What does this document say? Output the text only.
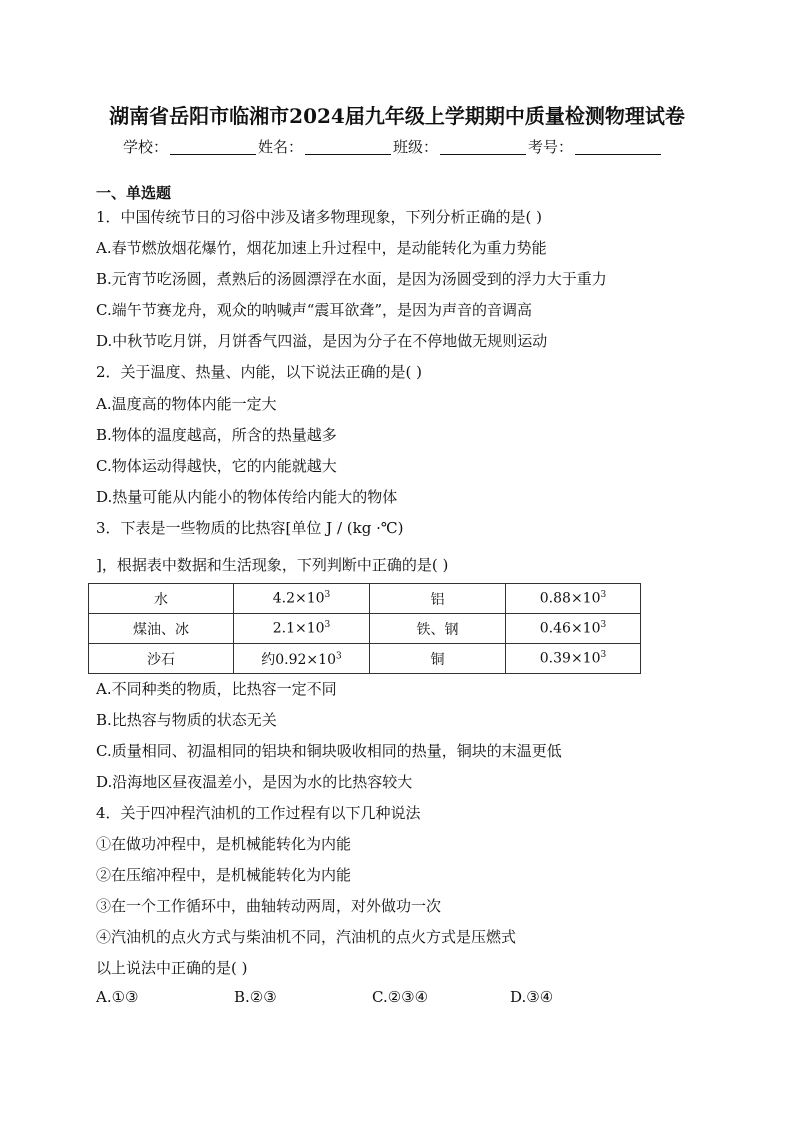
湖南省岳阳市临湘市2024届九年级上学期期中质量检测物理试卷
学校：	姓名：	班级：	考号：
一、单选题
1．中国传统节日的习俗中涉及诸多物理现象，下列分析正确的是( )
A.春节燃放烟花爆竹，烟花加速上升过程中，是动能转化为重力势能
B.元宵节吃汤圆，煮熟后的汤圆漂浮在水面，是因为汤圆受到的浮力大于重力
C.端午节赛龙舟，观众的呐喊声“震耳欲聋”，是因为声音的音调高
D.中秋节吃月饼，月饼香气四溢，是因为分子在不停地做无规则运动
2．关于温度、热量、内能，以下说法正确的是( )
A.温度高的物体内能一定大
B.物体的温度越高，所含的热量越多
C.物体运动得越快，它的内能就越大
D.热量可能从内能小的物体传给内能大的物体
3．下表是一些物质的比热容[单位 J / (kg ·℃)
]，根据表中数据和生活现象，下列判断中正确的是( )
水	$4.2\times 10^3$	铝	$0.88\times 10^3$
煤油、冰	$2.1\times 10^3$	铁、钢	$0.46\times 10^3$
沙石	约$0.92\times 10^3$	铜	$0.39\times 10^3$
A.不同种类的物质，比热容一定不同
B.比热容与物质的状态无关
C.质量相同、初温相同的铝块和铜块吸收相同的热量，铜块的末温更低
D.沿海地区昼夜温差小，是因为水的比热容较大
4．关于四冲程汽油机的工作过程有以下几种说法
①在做功冲程中，是机械能转化为内能
②在压缩冲程中，是机械能转化为内能
③在一个工作循环中，曲轴转动两周，对外做功一次
④汽油机的点火方式与柴油机不同，汽油机的点火方式是压燃式
以上说法中正确的是( )
A.①③	B.②③	C.②③④	D.③④
